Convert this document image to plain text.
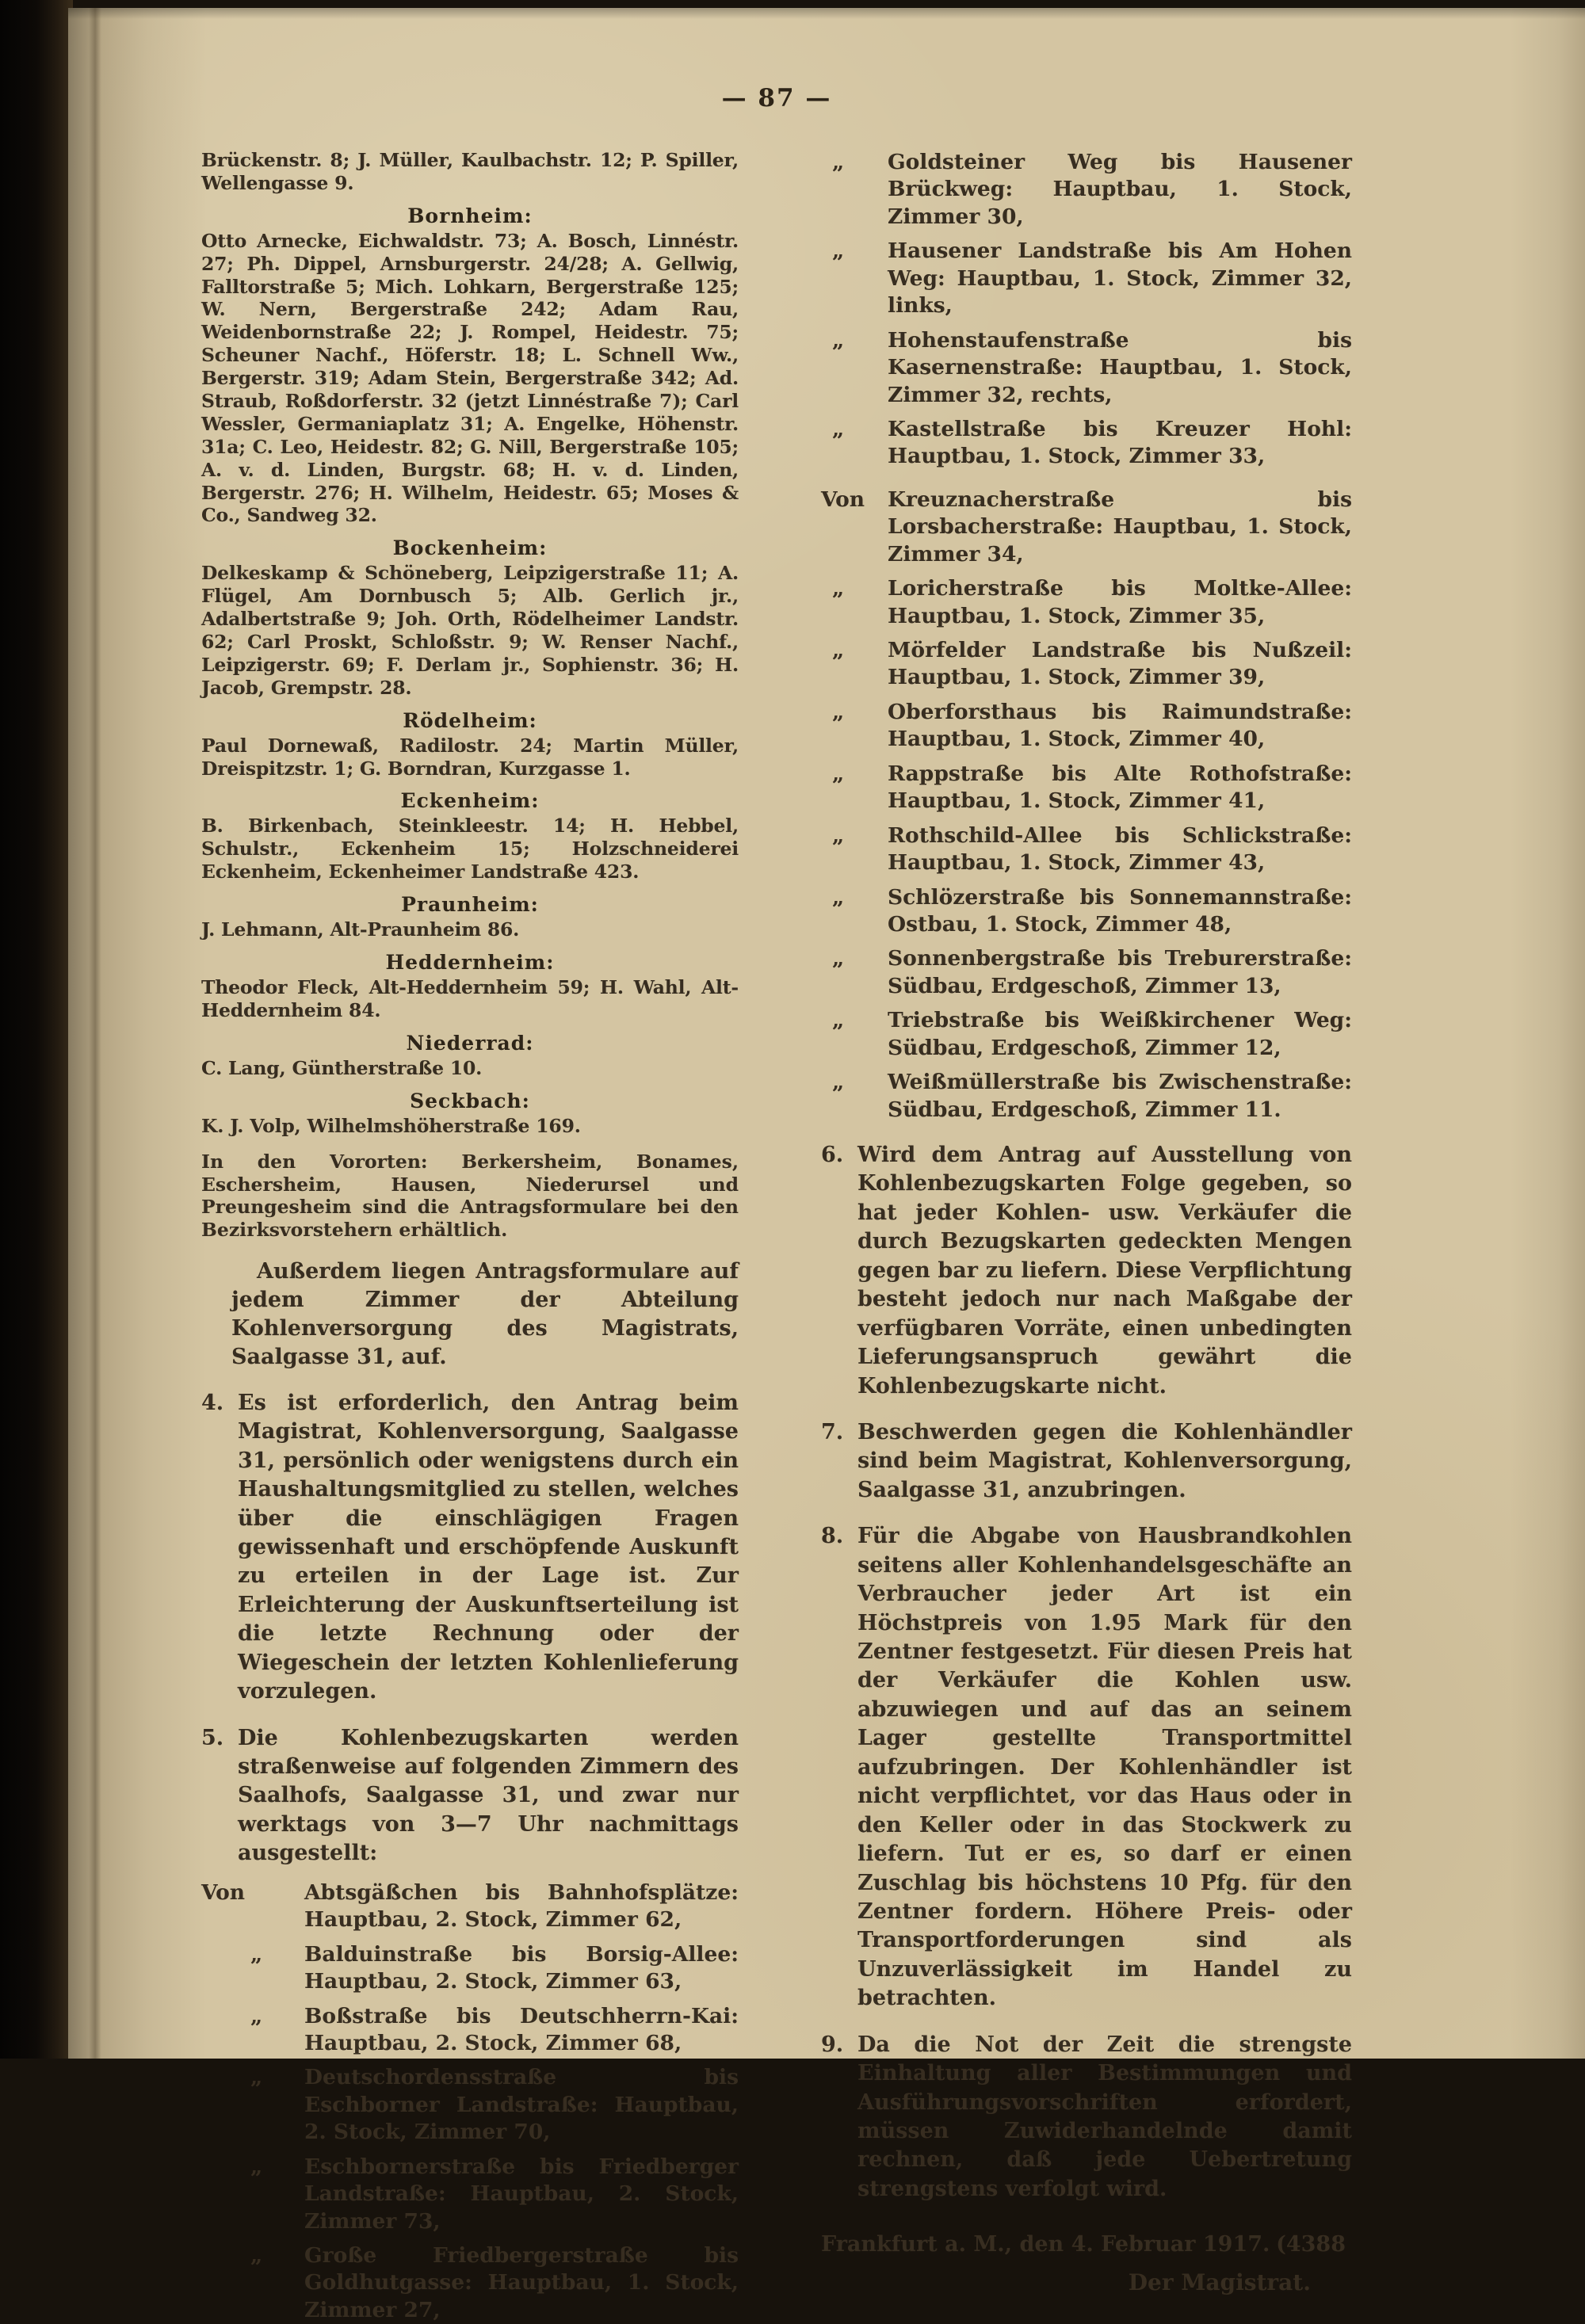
— 87 —

Brückenstr. 8; J. Müller, Kaulbachstr. 12; P. Spiller, Wellengasse 9.

Bornheim:

Otto Arnecke, Eichwaldstr. 73; A. Bosch, Linnéstr. 27; Ph. Dippel, Arnsburgerstr. 24/28; A. Gellwig, Falltorstraße 5; Mich. Lohkarn, Bergerstraße 125; W. Nern, Bergerstraße 242; Adam Rau, Weidenbornstraße 22; J. Rompel, Heidestr. 75; Scheuner Nachf., Höferstr. 18; L. Schnell Ww., Bergerstr. 319; Adam Stein, Bergerstraße 342; Ad. Straub, Roßdorferstr. 32 (jetzt Linnéstraße 7); Carl Wessler, Germaniaplatz 31; A. Engelke, Höhenstr. 31a; C. Leo, Heidestr. 82; G. Nill, Bergerstraße 105; A. v. d. Linden, Burgstr. 68; H. v. d. Linden, Bergerstr. 276; H. Wilhelm, Heidestr. 65; Moses & Co., Sandweg 32.

Bockenheim:

Delkeskamp & Schöneberg, Leipzigerstraße 11; A. Flügel, Am Dornbusch 5; Alb. Gerlich jr., Adalbertstraße 9; Joh. Orth, Rödelheimer Landstr. 62; Carl Proskt, Schloßstr. 9; W. Renser Nachf., Leipzigerstr. 69; F. Derlam jr., Sophienstr. 36; H. Jacob, Grempstr. 28.

Rödelheim:

Paul Dornewaß, Radilostr. 24; Martin Müller, Dreispitzstr. 1; G. Borndran, Kurzgasse 1.

Eckenheim:

B. Birkenbach, Steinkleestr. 14; H. Hebbel, Schulstr., Eckenheim 15; Holzschneiderei Eckenheim, Eckenheimer Landstraße 423.

Praunheim:

J. Lehmann, Alt-Praunheim 86.

Heddernheim:

Theodor Fleck, Alt-Heddernheim 59; H. Wahl, Alt-Heddernheim 84.

Niederrad:

C. Lang, Güntherstraße 10.

Seckbach:

K. J. Volp, Wilhelmshöherstraße 169.

In den Vororten: Berkersheim, Bonames, Eschersheim, Hausen, Niederursel und Preungesheim sind die Antragsformulare bei den Bezirksvorstehern erhältlich.

Außerdem liegen Antragsformulare auf jedem Zimmer der Abteilung Kohlenversorgung des Magistrats, Saalgasse 31, auf.

4. Es ist erforderlich, den Antrag beim Magistrat, Kohlenversorgung, Saalgasse 31, persönlich oder wenigstens durch ein Haushaltungsmitglied zu stellen, welches über die einschlägigen Fragen gewissenhaft und erschöpfende Auskunft zu erteilen in der Lage ist. Zur Erleichterung der Auskunftserteilung ist die letzte Rechnung oder der Wiegeschein der letzten Kohlenlieferung vorzulegen.
5. Die Kohlenbezugskarten werden straßenweise auf folgenden Zimmern des Saalhofs, Saalgasse 31, und zwar nur werktags von 3—7 Uhr nachmittags ausgestellt:
Von	Abtsgäßchen bis Bahnhofsplätze: Hauptbau, 2. Stock, Zimmer 62,
„	Balduinstraße bis Borsig-Allee: Hauptbau, 2. Stock, Zimmer 63,
„	Boßstraße bis Deutschherrn-Kai: Hauptbau, 2. Stock, Zimmer 68,
„	Deutschordensstraße bis Eschborner Landstraße: Hauptbau, 2. Stock, Zimmer 70,
„	Eschbornerstraße bis Friedberger Landstraße: Hauptbau, 2. Stock, Zimmer 73,
„	Große Friedbergerstraße bis Goldhutgasse: Hauptbau, 1. Stock, Zimmer 27,
„	Goldsteiner Weg bis Hausener Brückweg: Hauptbau, 1. Stock, Zimmer 30,
„	Hausener Landstraße bis Am Hohen Weg: Hauptbau, 1. Stock, Zimmer 32, links,
„	Hohenstaufenstraße bis Kasernenstraße: Hauptbau, 1. Stock, Zimmer 32, rechts,
„	Kastellstraße bis Kreuzer Hohl: Hauptbau, 1. Stock, Zimmer 33,
Von	Kreuznacherstraße bis Lorsbacherstraße: Hauptbau, 1. Stock, Zimmer 34,
„	Loricherstraße bis Moltke-Allee: Hauptbau, 1. Stock, Zimmer 35,
„	Mörfelder Landstraße bis Nußzeil: Hauptbau, 1. Stock, Zimmer 39,
„	Oberforsthaus bis Raimundstraße: Hauptbau, 1. Stock, Zimmer 40,
„	Rappstraße bis Alte Rothofstraße: Hauptbau, 1. Stock, Zimmer 41,
„	Rothschild-Allee bis Schlickstraße: Hauptbau, 1. Stock, Zimmer 43,
„	Schlözerstraße bis Sonnemannstraße: Ostbau, 1. Stock, Zimmer 48,
„	Sonnenbergstraße bis Treburerstraße: Südbau, Erdgeschoß, Zimmer 13,
„	Triebstraße bis Weißkirchener Weg: Südbau, Erdgeschoß, Zimmer 12,
„	Weißmüllerstraße bis Zwischenstraße: Südbau, Erdgeschoß, Zimmer 11.
6. Wird dem Antrag auf Ausstellung von Kohlenbezugskarten Folge gegeben, so hat jeder Kohlen- usw. Verkäufer die durch Bezugskarten gedeckten Mengen gegen bar zu liefern. Diese Verpflichtung besteht jedoch nur nach Maßgabe der verfügbaren Vorräte, einen unbedingten Lieferungsanspruch gewährt die Kohlenbezugskarte nicht.
7. Beschwerden gegen die Kohlenhändler sind beim Magistrat, Kohlenversorgung, Saalgasse 31, anzubringen.
8. Für die Abgabe von Hausbrandkohlen seitens aller Kohlenhandelsgeschäfte an Verbraucher jeder Art ist ein Höchstpreis von 1.95 Mark für den Zentner festgesetzt. Für diesen Preis hat der Verkäufer die Kohlen usw. abzuwiegen und auf das an seinem Lager gestellte Transportmittel aufzubringen. Der Kohlenhändler ist nicht verpflichtet, vor das Haus oder in den Keller oder in das Stockwerk zu liefern. Tut er es, so darf er einen Zuschlag bis höchstens 10 Pfg. für den Zentner fordern. Höhere Preis- oder Transportforderungen sind als Unzuverlässigkeit im Handel zu betrachten.
9. Da die Not der Zeit die strengste Einhaltung aller Bestimmungen und Ausführungsvorschriften erfordert, müssen Zuwiderhandelnde damit rechnen, daß jede Uebertretung strengstens verfolgt wird.
Frankfurt a. M., den 4. Februar 1917. (4388
Der Magistrat.
